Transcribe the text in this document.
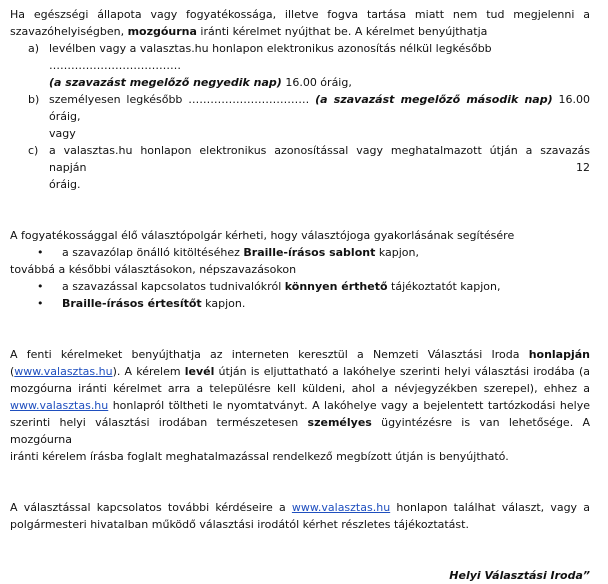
Ha egészségi állapota vagy fogyatékossága, illetve fogva tartása miatt nem tud megjelenni a

szavazóhelyiségben, mozgóurna iránti kérelmet nyújthat be. A kérelmet benyújthatja

a) levélben vagy a valasztas.hu honlapon elektronikus azonosítás nélkül legkésőbb ………………………………

(a szavazást megelőző negyedik nap) 16.00 óráig,

b) személyesen legkésőbb …………………………… (a szavazást megelőző második nap) 16.00 óráig,

vagy

c) a valasztas.hu honlapon elektronikus azonosítással vagy meghatalmazott útján a szavazás napján 12

óráig.

A fogyatékossággal élő választópolgár kérheti, hogy választójoga gyakorlásának segítésére

• a szavazólap önálló kitöltéséhez Braille-írásos sablont kapjon,

továbbá a későbbi választásokon, népszavazásokon

• a szavazással kapcsolatos tudnivalókról könnyen érthető tájékoztatót kapjon,

• Braille-írásos értesítőt kapjon.

A fenti kérelmeket benyújthatja az interneten keresztül a Nemzeti Választási Iroda honlapján

(www.valasztas.hu). A kérelem levél útján is eljuttatható a lakóhelye szerinti helyi választási irodába (a

mozgóurna iránti kérelmet arra a településre kell küldeni, ahol a névjegyzékben szerepel), ehhez a

www.valasztas.hu honlapról töltheti le nyomtatványt. A lakóhelye vagy a bejelentett tartózkodási helye

szerinti helyi választási irodában természetesen személyes ügyintézésre is van lehetősége. A mozgóurna

iránti kérelem írásba foglalt meghatalmazással rendelkező megbízott útján is benyújtható.

A választással kapcsolatos további kérdéseire a www.valasztas.hu honlapon találhat választ, vagy a

polgármesteri hivatalban működő választási irodától kérhet részletes tájékoztatást.

Helyi Választási Iroda”
